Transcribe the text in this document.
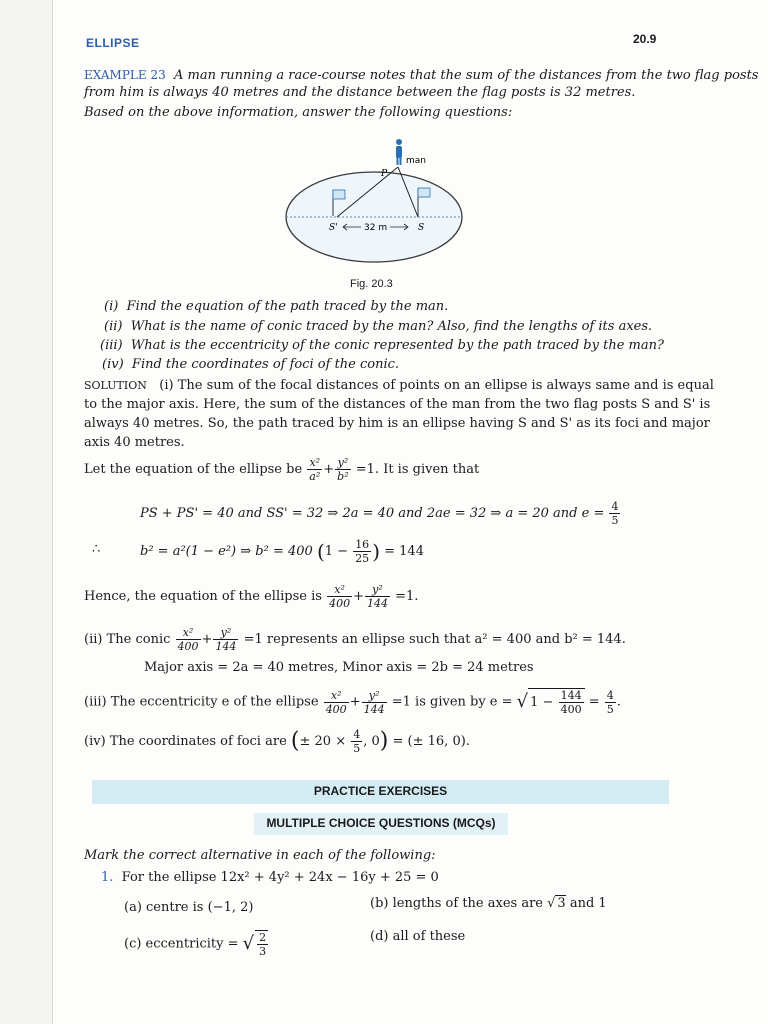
ELLIPSE	20.9
EXAMPLE 23 A man running a race-course notes that the sum of the distances from the two flag posts
from him is always 40 metres and the distance between the flag posts is 32 metres.
Based on the above information, answer the following questions:
man
P
S'	S
32 m
Fig. 20.3
(i) Find the equation of the path traced by the man.
(ii) What is the name of conic traced by the man? Also, find the lengths of its axes.
(iii) What is the eccentricity of the conic represented by the path traced by the man?
(iv) Find the coordinates of foci of the conic.
SOLUTION (i) The sum of the focal distances of points on an ellipse is always same and is equal
to the major axis. Here, the sum of the distances of the man from the two flag posts S and S' is
always 40 metres. So, the path traced by him is an ellipse having S and S' as its foci and major
axis 40 metres.
Let the equation of the ellipse be $\frac{\text{x²}}{\text{a²}} + \frac{\text{y²}}{\text{b²}} =1$. It is given that
PS + PS' = 40 and SS' = 32 ⇒ 2a = 40 and 2ae = 32 ⇒ a = 20 and $e = \frac{4}{5}$
∴	b² = a²(1 − e²) ⇒ b² = 400 ($1 - \frac{16}{25}$ ) = 144
Hence, the equation of the ellipse is $\frac{\text{x²}}{400} + \frac{\text{y²}}{144} =1$.
(ii) The conic $\frac{\text{x²}}{400} + \frac{\text{y²}}{144} =1$ represents an ellipse such that a² = 400 and b² = 144.
Major axis = 2a = 40 metres, Minor axis = 2b = 24 metres
(iii) The eccentricity e of the ellipse $\frac{\text{x²}}{400} + \frac{\text{y²}}{144} =1$ is given by e = √ $1 - \frac{144}{400} = \frac{4}{5}$ .
(iv) The coordinates of foci are (± $20 \times \frac{4}{5}$ , 0) = (± 16, 0).
PRACTICE EXERCISES
MULTIPLE CHOICE QUESTIONS (MCQs)
Mark the correct alternative in each of the following:
1. For the ellipse 12x² + 4y² + 24x − 16y + 25 = 0
(a) centre is (−1, 2)	(b) lengths of the axes are √ 3 and 1
(c) eccentricity = √ $\frac{2}{3}$	(d) all of these
